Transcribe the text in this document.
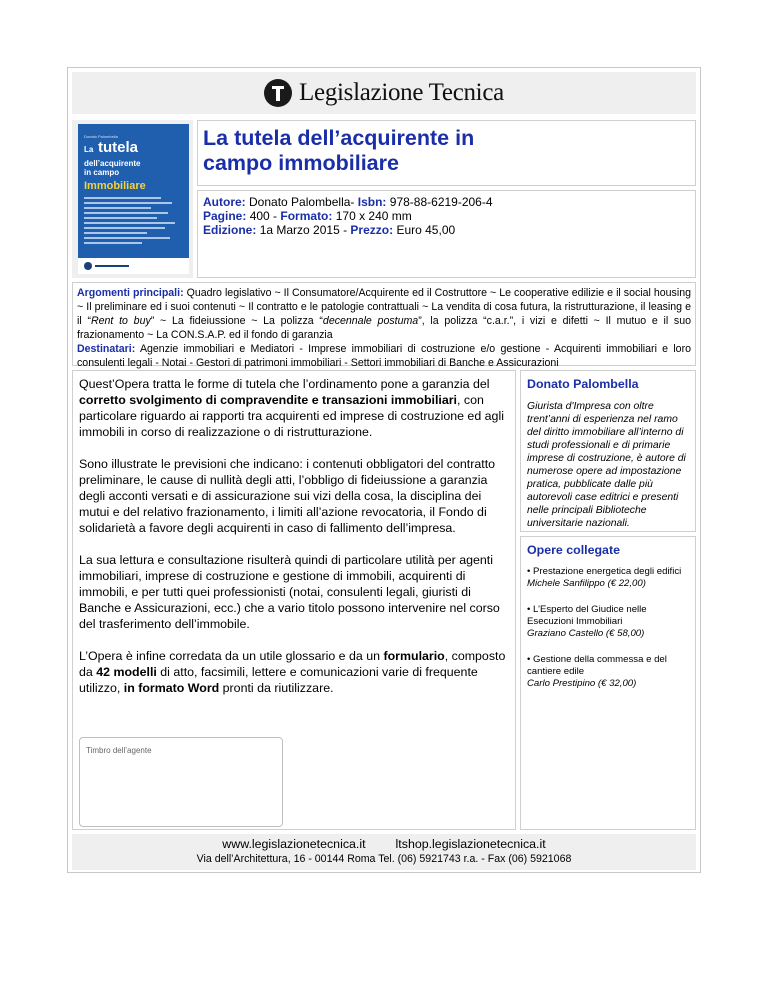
Legislazione Tecnica
Donato Palombella
La tutela
dell’acquirente
in campo
Immobiliare
La tutela dell’acquirente in campo immobiliare
Autore: Donato Palombella- Isbn: 978-88-6219-206-4
Pagine: 400 - Formato: 170 x 240 mm
Edizione: 1a Marzo 2015 - Prezzo: Euro 45,00
Argomenti principali: Quadro legislativo ~ Il Consumatore/Acquirente ed il Costruttore ~ Le cooperative edilizie e il social housing ~ Il preliminare ed i suoi contenuti ~ Il contratto e le patologie contrattuali ~ La vendita di cosa futura, la ristrutturazione, il leasing e il “Rent to buy” ~ La fideiussione ~ La polizza “decennale postuma”, la polizza “c.a.r.”, i vizi e difetti ~ Il mutuo e il suo frazionamento ~ La CON.S.A.P. ed il fondo di garanzia
Destinatari: Agenzie immobiliari e Mediatori - Imprese immobiliari di costruzione e/o gestione - Acquirenti immobiliari e loro consulenti legali - Notai - Gestori di patrimoni immobiliari - Settori immobiliari di Banche e Assicurazioni

Quest’Opera tratta le forme di tutela che l’ordinamento pone a garanzia del corretto svolgimento di compravendite e transazioni immobiliari, con particolare riguardo ai rapporti tra acquirenti ed imprese di costruzione ed agli immobili in corso di realizzazione o di ristrutturazione.

Sono illustrate le previsioni che indicano: i contenuti obbligatori del contratto preliminare, le cause di nullità degli atti, l’obbligo di fideiussione a garanzia degli acconti versati e di assicurazione sui vizi della cosa, la disciplina dei mutui e del relativo frazionamento, i limiti all’azione revocatoria, il Fondo di solidarietà a favore degli acquirenti in caso di fallimento dell’impresa.

La sua lettura e consultazione risulterà quindi di particolare utilità per agenti immobiliari, imprese di costruzione e gestione di immobili, acquirenti di immobili, e per tutti quei professionisti (notai, consulenti legali, giuristi di Banche e Assicurazioni, ecc.) che a vario titolo possono intervenire nel corso del trasferimento dell’immobile.

L’Opera è infine corredata da un utile glossario e da un formulario, composto da 42 modelli di atto, facsimili, lettere e comunicazioni varie di frequente utilizzo, in formato Word pronti da riutilizzare.

Timbro dell’agente
Donato Palombella
Giurista d'Impresa con oltre trent’anni di esperienza nel ramo del diritto immobiliare all’interno di studi professionali e di primarie imprese di costruzione, è autore di numerose opere ad impostazione pratica, pubblicate dalle più autorevoli case editrici e presenti nelle principali Biblioteche universitarie nazionali.
Opere collegate
• Prestazione energetica degli edifici
Michele Sanfilippo (€ 22,00)
• L’Esperto del Giudice nelle Esecuzioni Immobiliari
Graziano Castello (€ 58,00)
• Gestione della commessa e del cantiere edile
Carlo Prestipino (€ 32,00)
www.legislazionetecnica.it ltshop.legislazionetecnica.it
Via dell’Architettura, 16 - 00144 Roma Tel. (06) 5921743 r.a. - Fax (06) 5921068
